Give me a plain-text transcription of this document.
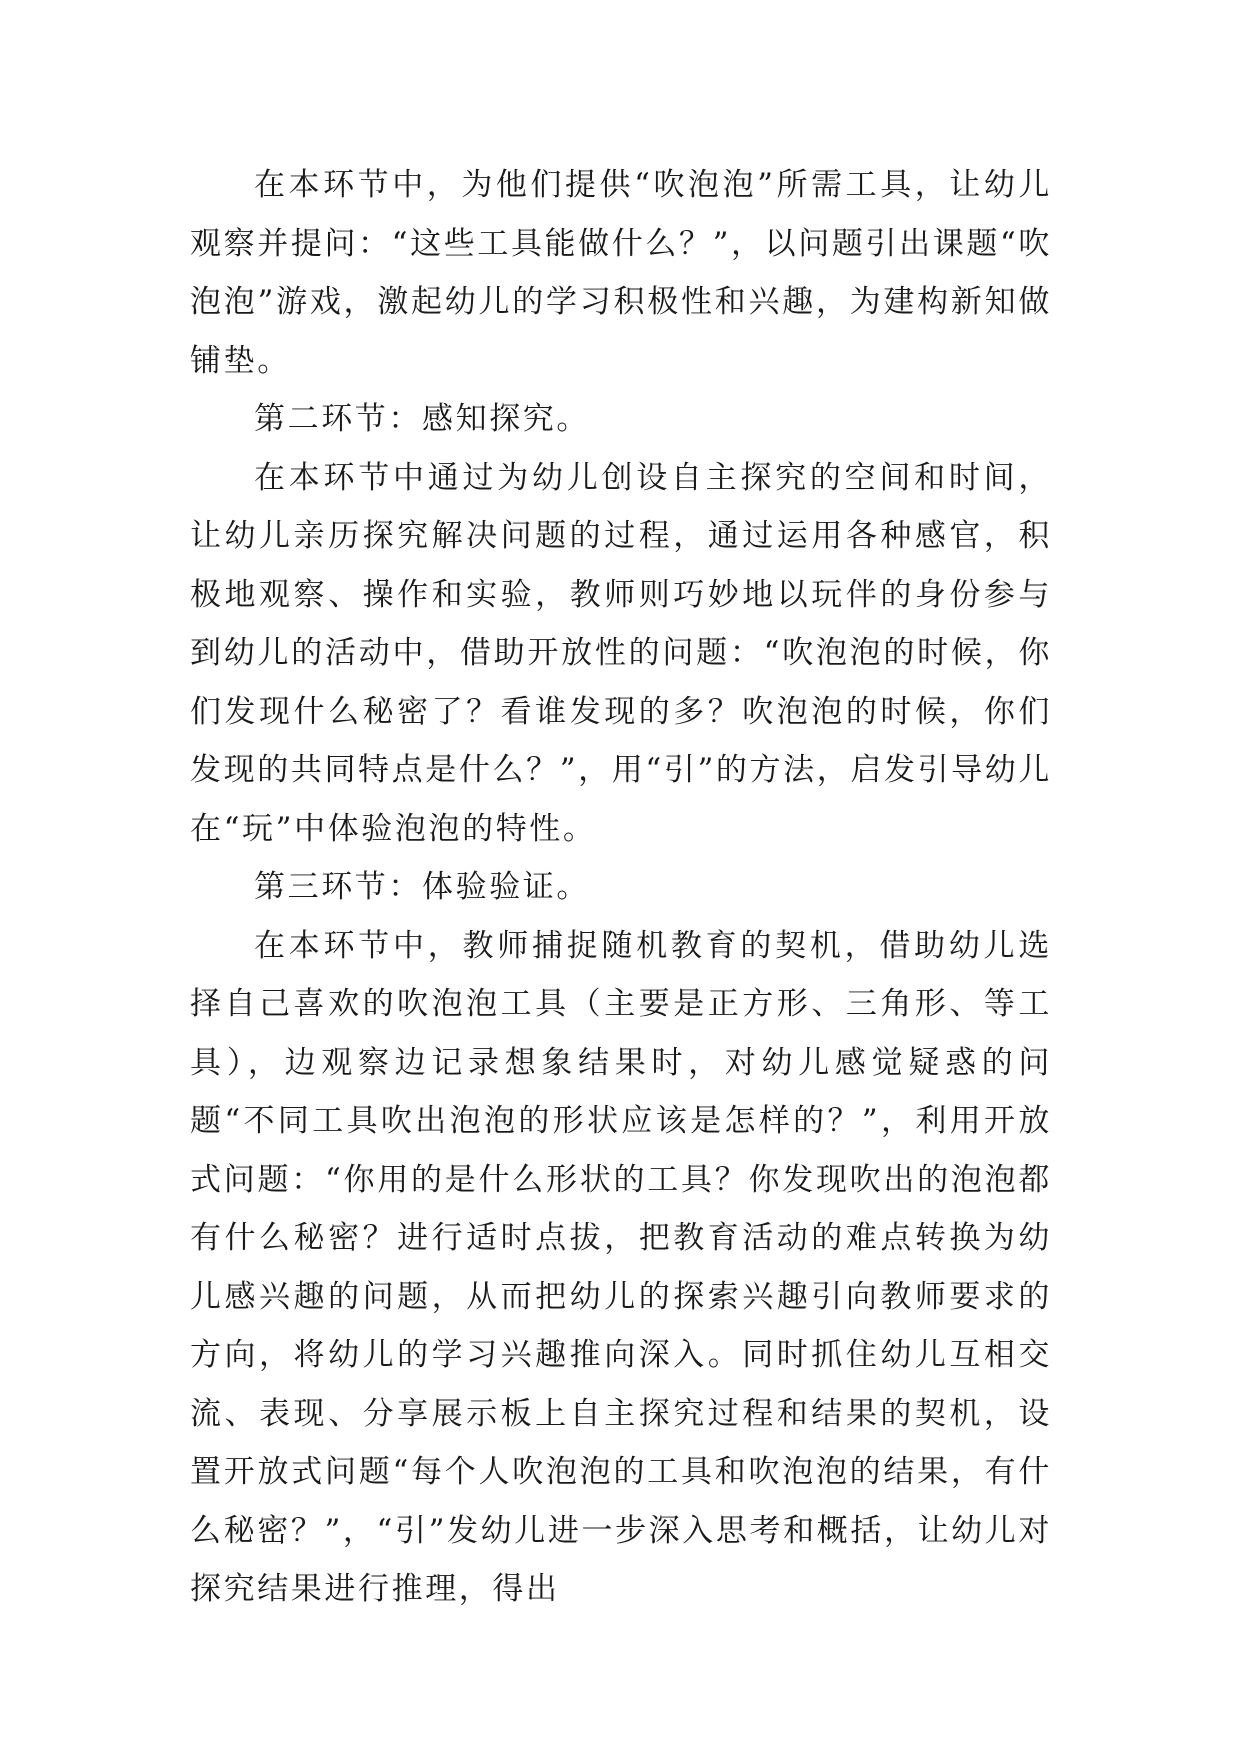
在本环节中，为他们提供“吹泡泡”所需工具，让幼儿观察并提问：“这些工具能做什么？”，以问题引出课题“吹泡泡”游戏，激起幼儿的学习积极性和兴趣，为建构新知做铺垫。

第二环节：感知探究。

在本环节中通过为幼儿创设自主探究的空间和时间，让幼儿亲历探究解决问题的过程，通过运用各种感官，积极地观察、操作和实验，教师则巧妙地以玩伴的身份参与到幼儿的活动中，借助开放性的问题：“吹泡泡的时候，你们发现什么秘密了？看谁发现的多？吹泡泡的时候，你们发现的共同特点是什么？”，用“引”的方法，启发引导幼儿在“玩”中体验泡泡的特性。

第三环节：体验验证。

在本环节中，教师捕捉随机教育的契机，借助幼儿选择自己喜欢的吹泡泡工具（主要是正方形、三角形、等工具），边观察边记录想象结果时，对幼儿感觉疑惑的问题“不同工具吹出泡泡的形状应该是怎样的？”，利用开放式问题：“你用的是什么形状的工具？你发现吹出的泡泡都有什么秘密？进行适时点拔，把教育活动的难点转换为幼儿感兴趣的问题，从而把幼儿的探索兴趣引向教师要求的方向，将幼儿的学习兴趣推向深入。同时抓住幼儿互相交流、表现、分享展示板上自主探究过程和结果的契机，设置开放式问题“每个人吹泡泡的工具和吹泡泡的结果，有什么秘密？”，“引”发幼儿进一步深入思考和概括，让幼儿对探究结果进行推理，得出
